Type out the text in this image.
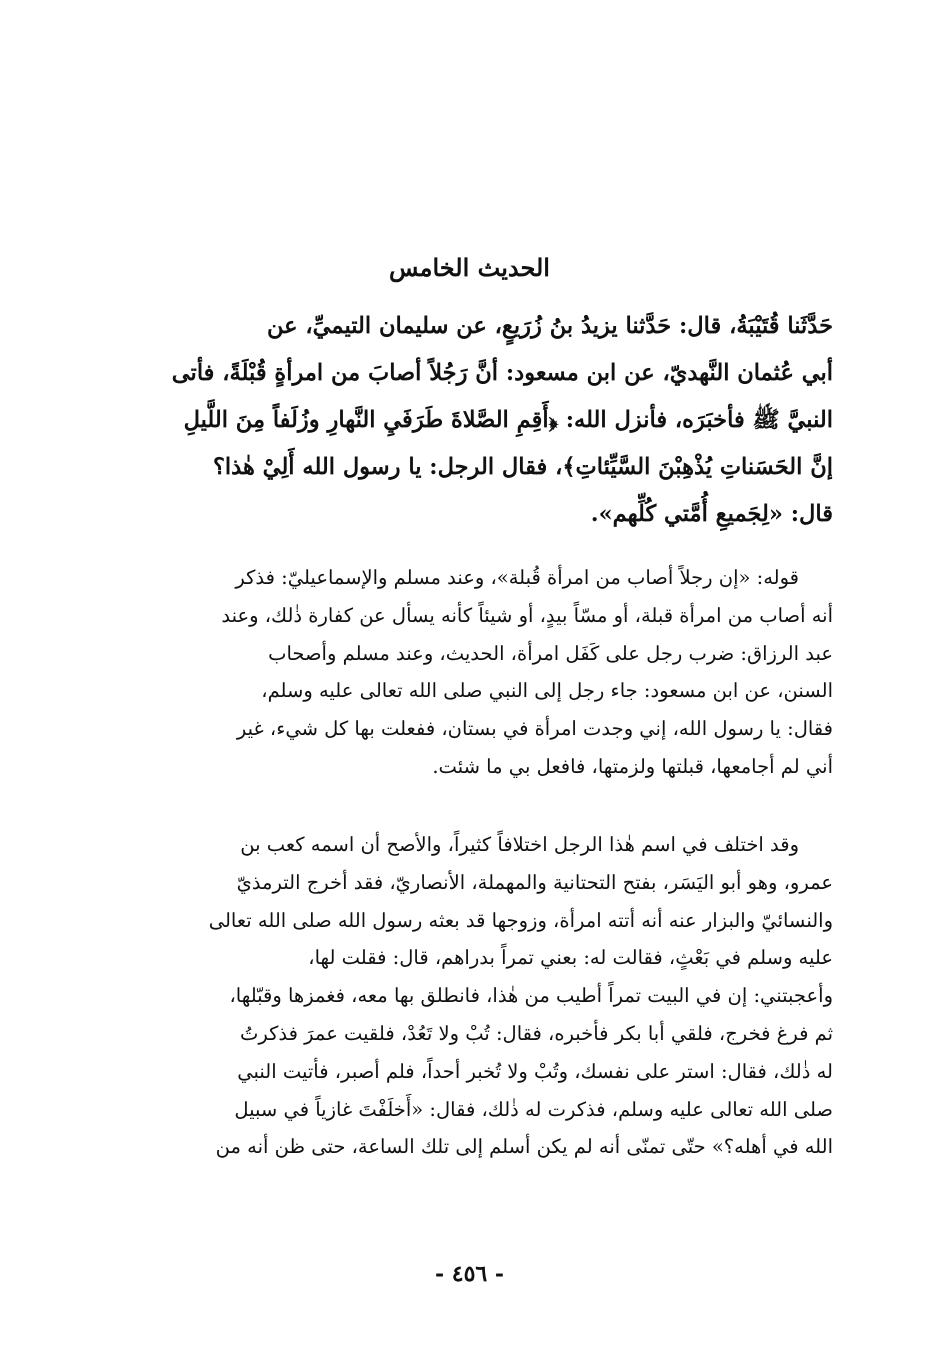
الحديث الخامس
حَدَّثَنا قُتَيْبَةُ، قال: حَدَّثنا يزيدُ بنُ زُرَيعٍ، عن سليمان التيميِّ، عن
أبي عُثمان النَّهديّ، عن ابن مسعود: أنَّ رَجُلاً أصابَ من امرأةٍ قُبْلَةً، فأتى
النبيَّ ﷺ فأخبَرَه، فأنزل الله: ﴿أَقِمِ الصَّلاةَ طَرَفَيِ النَّهارِ وزُلَفاً مِنَ اللَّيلِ
إنَّ الحَسَناتِ يُذْهِبْنَ السَّيِّئاتِ﴾، فقال الرجل: يا رسول الله أَلِيْ هٰذا؟
قال: «لِجَميعِ أُمَّتي كُلِّهم».
قوله: «إن رجلاً أصاب من امرأة قُبلة»، وعند مسلم والإسماعيليّ: فذكر
أنه أصاب من امرأة قبلة، أو مسّاً بيدٍ، أو شيئاً كأنه يسأل عن كفارة ذٰلك، وعند
عبد الرزاق: ضرب رجل على كَفَل امرأة، الحديث، وعند مسلم وأصحاب
السنن، عن ابن مسعود: جاء رجل إلى النبي صلى الله تعالى عليه وسلم،
فقال: يا رسول الله، إني وجدت امرأة في بستان، ففعلت بها كل شيء، غير
أني لم أجامعها، قبلتها ولزمتها، فافعل بي ما شئت.
وقد اختلف في اسم هٰذا الرجل اختلافاً كثيراً، والأصح أن اسمه كعب بن
عمرو، وهو أبو اليَسَر، بفتح التحتانية والمهملة، الأنصاريّ، فقد أخرج الترمذيّ
والنسائيّ والبزار عنه أنه أتته امرأة، وزوجها قد بعثه رسول الله صلى الله تعالى
عليه وسلم في بَعْثٍ، فقالت له: بعني تمراً بدراهم، قال: فقلت لها،
وأعجبتني: إن في البيت تمراً أطيب من هٰذا، فانطلق بها معه، فغمزها وقبّلها،
ثم فرغ فخرج، فلقي أبا بكر فأخبره، فقال: تُبْ ولا تَعُدْ، فلقيت عمرَ فذكرتُ
له ذٰلك، فقال: استر على نفسك، وتُبْ ولا تُخبر أحداً، فلم أصبر، فأتيت النبي
صلى الله تعالى عليه وسلم، فذكرت له ذٰلك، فقال: «أَخلَفْتَ غازياً في سبيل
الله في أهله؟» حتّى تمنّى أنه لم يكن أسلم إلى تلك الساعة، حتى ظن أنه من
- ٤٥٦ -
